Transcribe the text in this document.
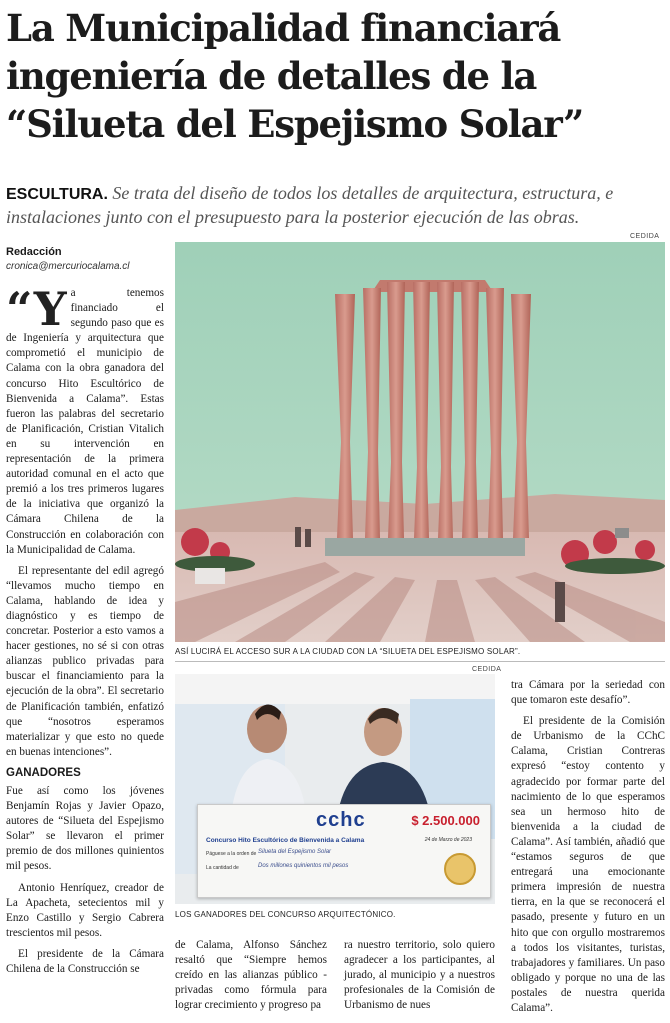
La Municipalidad financiará ingeniería de detalles de la “Silueta del Espejismo Solar”
ESCULTURA. Se trata del diseño de todos los detalles de arquitectura, estructura, e instalaciones junto con el presupuesto para la posterior ejecución de las obras.
Redacción
cronica@mercuriocalama.cl
CEDIDA
ASÍ LUCIRÁ EL ACCESO SUR A LA CIUDAD CON LA “SILUETA DEL ESPEJISMO SOLAR”.
CEDIDA
cchc	$ 2.500.000
Concurso Hito Escultórico de Bienvenida a Calama	24 de Marzo de 2023
Páguese a la orden de Silueta del Espejismo Solar
La cantidad de	Dos millones quinientos mil pesos
LOS GANADORES DEL CONCURSO ARQUITECTÓNICO.

“Y a tenemos financiado el segundo paso que es de Ingeniería y arquitectura que comprometió el municipio de Calama con la obra ganadora del concurso Hito Escultórico de Bienvenida a Calama”. Estas fueron las palabras del secretario de Planificación, Cristian Vitalich en su intervención en representación de la primera autoridad comunal en el acto que premió a los tres primeros lugares de la iniciativa que organizó la Cámara Chilena de la Construcción en colaboración con la Municipalidad de Calama.

El representante del edil agregó “llevamos mucho tiempo en Calama, hablando de idea y diagnóstico y es tiempo de concretar. Posterior a esto vamos a hacer gestiones, no sé si con otras alianzas publico privadas para buscar el financiamiento para la ejecución de la obra”. El secretario de Planificación también, enfatizó que “nosotros esperamos materializar y que esto no quede en buenas intenciones”.

GANADORES

Fue así como los jóvenes Benjamín Rojas y Javier Opazo, autores de “Silueta del Espejismo Solar” se llevaron el primer premio de dos millones quinientos mil pesos.

Antonio Henríquez, creador de La Apacheta, setecientos mil y Enzo Castillo y Sergio Cabrera trescientos mil pesos.

El presidente de la Cámara Chilena de la Construcción se

de Calama, Alfonso Sánchez resaltó que “Siempre hemos creído en las alianzas público - privadas como fórmula para lograr crecimiento y progreso pa

ra nuestro territorio, solo quiero agradecer a los participantes, al jurado, al municipio y a nuestros profesionales de la Comisión de Urbanismo de nues

tra Cámara por la seriedad con que tomaron este desafío”.

El presidente de la Comisión de Urbanismo de la CChC Calama, Cristian Contreras expresó “estoy contento y agradecido por formar parte del nacimiento de lo que esperamos sea un hermoso hito de bienvenida a la ciudad de Calama”. Así también, añadió que “estamos seguros de que entregará una emocionante primera impresión de nuestra tierra, en la que se reconocerá el pasado, presente y futuro en un hito que con orgullo mostraremos a todos los visitantes, turistas, trabajadores y familiares. Un paso obligado y porque no una de las postales de nuestra querida Calama”.
